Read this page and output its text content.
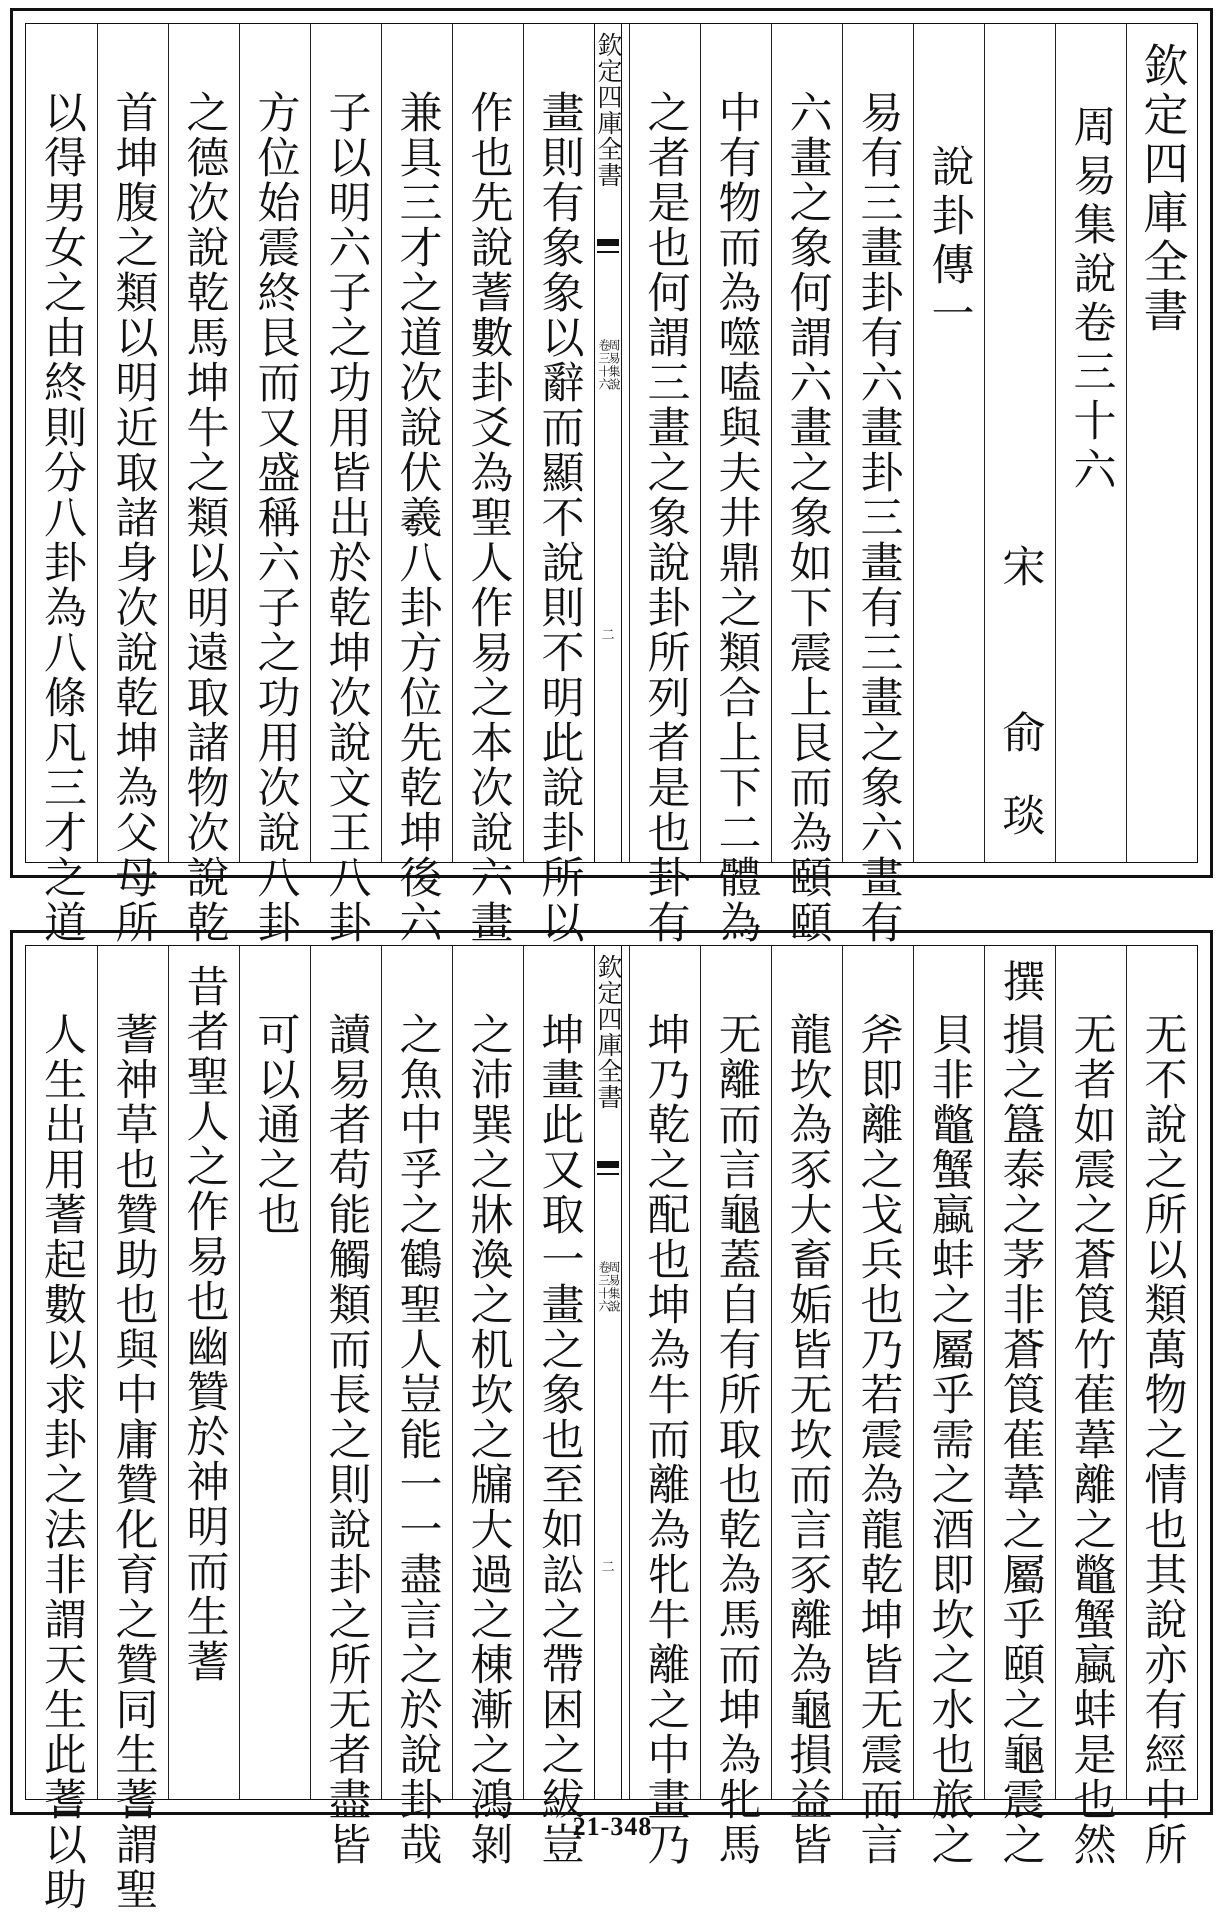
欽定四庫全書
周易集說卷三十六
宋　俞琰　撰
說卦傳一
易有三畫卦有六畫卦三畫有三畫之象六畫有
六畫之象何謂六畫之象如下震上艮而為頤頤
中有物而為噬嗑與夫井鼎之類合上下二體為
之者是也何謂三畫之象說卦所列者是也卦有
欽定四庫全書
周易集說
卷三十六
二
畫則有象象以辭而顯不說則不明此說卦所以
作也先說蓍數卦爻為聖人作易之本次說六畫
兼具三才之道次說伏羲八卦方位先乾坤後六
子以明六子之功用皆出於乾坤次說文王八卦
方位始震終艮而又盛稱六子之功用次說八卦
之德次說乾馬坤牛之類以明遠取諸物次說乾
首坤腹之類以明近取諸身次說乾坤為父母所
以得男女之由終則分八卦為八條凡三才之道
无不說之所以類萬物之情也其說亦有經中所
无者如震之蒼筤竹萑葦離之鼈蟹蠃蚌是也然
損之簋泰之茅非蒼筤萑葦之屬乎頤之龜震之
貝非鼈蟹蠃蚌之屬乎需之酒即坎之水也旅之
斧即離之戈兵也乃若震為龍乾坤皆无震而言
龍坎為豕大畜姤皆无坎而言豕離為龜損益皆
无離而言龜蓋自有所取也乾為馬而坤為牝馬
坤乃乾之配也坤為牛而離為牝牛離之中畫乃
欽定四庫全書
周易集說
卷三十六
二
坤畫此又取一畫之象也至如訟之帶困之紱豈
之沛巽之牀渙之机坎之牖大過之棟漸之鴻剝
之魚中孚之鶴聖人豈能一一盡言之於說卦哉
讀易者苟能觸類而長之則說卦之所无者盡皆
可以通之也
昔者聖人之作易也幽贊於神明而生蓍
蓍神草也贊助也與中庸贊化育之贊同生蓍謂聖
人生出用蓍起數以求卦之法非謂天生此蓍以助	21-348
